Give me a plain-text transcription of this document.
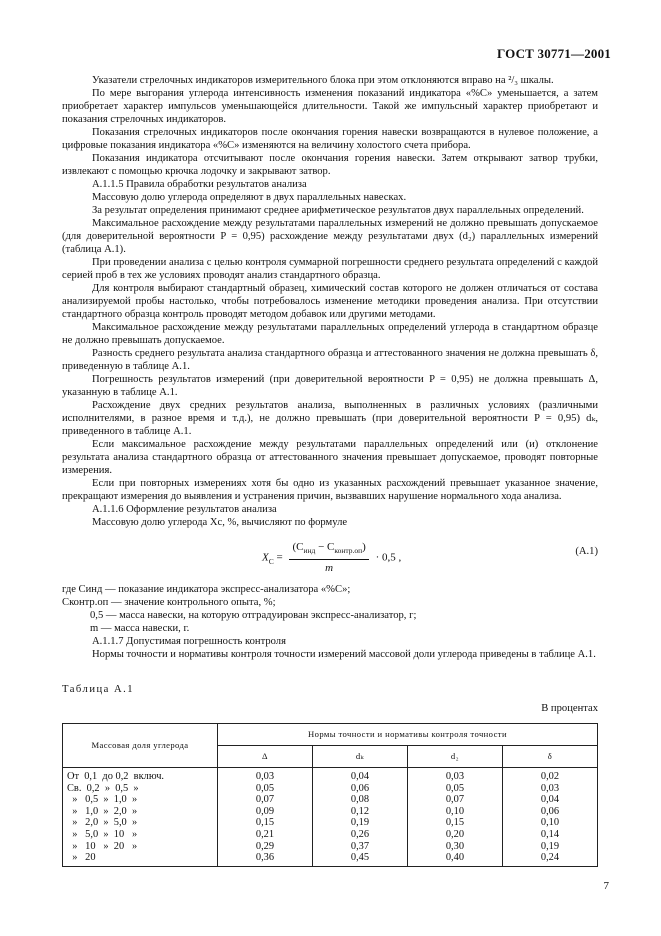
ГОСТ 30771—2001

Указатели стрелочных индикаторов измерительного блока при этом отклоняются вправо на ²/₃ шкалы.

По мере выгорания углерода интенсивность изменения показаний индикатора «%С» уменьшается, а затем приобретает характер импульсов уменьшающейся длительности. Такой же импульсный характер приобретают и показания стрелочных индикаторов.

Показания стрелочных индикаторов после окончания горения навески возвращаются в нулевое положение, а цифровые показания индикатора «%С» изменяются на величину холостого счета прибора.

Показания индикатора отсчитывают после окончания горения навески. Затем открывают затвор трубки, извлекают с помощью крючка лодочку и закрывают затвор.

А.1.1.5 Правила обработки результатов анализа

Массовую долю углерода определяют в двух параллельных навесках.

За результат определения принимают среднее арифметическое результатов двух параллельных определений.

Максимальное расхождение между результатами параллельных измерений не должно превышать допускаемое (для доверительной вероятности P = 0,95) расхождение между результатами двух (d₂) параллельных измерений (таблица А.1).

При проведении анализа с целью контроля суммарной погрешности среднего результата определений с каждой серией проб в тех же условиях проводят анализ стандартного образца.

Для контроля выбирают стандартный образец, химический состав которого не должен отличаться от состава анализируемой пробы настолько, чтобы потребовалось изменение методики проведения анализа. При отсутствии стандартного образца контроль проводят методом добавок или другими методами.

Максимальное расхождение между результатами параллельных определений углерода в стандартном образце не должно превышать допускаемое.

Разность среднего результата анализа стандартного образца и аттестованного значения не должна превышать δ, приведенную в таблице А.1.

Погрешность результатов измерений (при доверительной вероятности P = 0,95) не должна превышать Δ, указанную в таблице А.1.

Расхождение двух средних результатов анализа, выполненных в различных условиях (различными исполнителями, в разное время и т.д.), не должно превышать (при доверительной вероятности P = 0,95) dₖ, приведенного в таблице А.1.

Если максимальное расхождение между результатами параллельных определений или (и) отклонение результата анализа стандартного образца от аттестованного значения превышает допускаемое, проводят повторные измерения.

Если при повторных измерениях хотя бы одно из указанных расхождений превышает указанное значение, прекращают измерения до выявления и устранения причин, вызвавших нарушение нормального хода анализа.

А.1.1.6 Оформление результатов анализа

Массовую долю углерода Xс, %, вычисляют по формуле

$X_C = \frac{(C_{инд} - C_{контр.оп})}{m} \cdot 0,5$ ,
(А.1)
где Cинд — показание индикатора экспресс-анализатора «%С»;
Cконтр.оп — значение контрольного опыта, %;
0,5 — масса навески, на которую отградуирован экспресс-анализатор, г;
m — масса навески, г.

А.1.1.7 Допустимая погрешность контроля

Нормы точности и нормативы контроля точности измерений массовой доли углерода приведены в таблице А.1.

Таблица А.1
В процентах
Массовая доля углерода	Нормы точности и нормативы контроля точности			
	Δ	dₖ	d₂	δ
От  0,1  до 0,2  включ.	0,03	0,04	0,03	0,02
Св.  0,2  »  0,5  »	0,05	0,06	0,05	0,03
»   0,5  »  1,0  »	0,07	0,08	0,07	0,04
»   1,0  »  2,0  »	0,09	0,12	0,10	0,06
»   2,0  »  5,0  »	0,15	0,19	0,15	0,10
»   5,0  »  10   »	0,21	0,26	0,20	0,14
»   10   »  20   »	0,29	0,37	0,30	0,19
»   20	0,36	0,45	0,40	0,24
7
